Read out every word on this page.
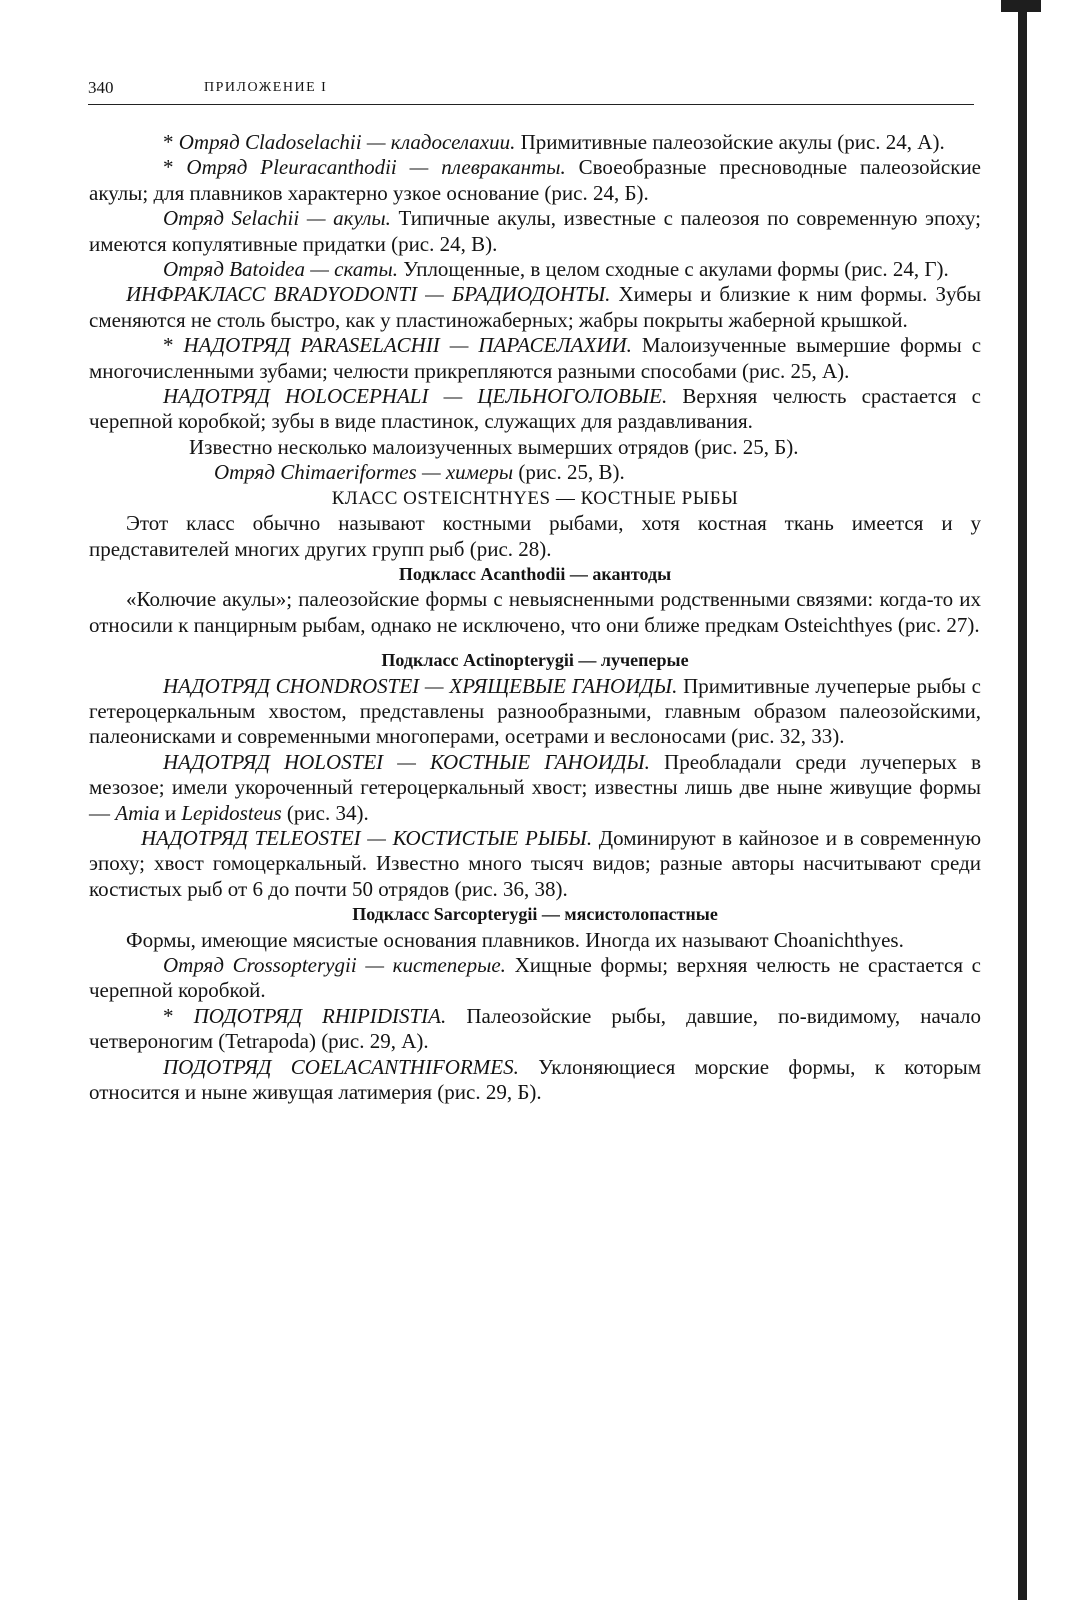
340	ПРИЛОЖЕНИЕ I

* Отряд Cladoselachii — кладоселахии. Примитивные палеозойские акулы (рис. 24, A).

* Отряд Pleuracanthodii — плевраканты. Своеобразные пресноводные палеозойские акулы; для плавников характерно узкое основание (рис. 24, Б).

Отряд Selachii — акулы. Типичные акулы, известные с палеозоя по современную эпоху; имеются копулятивные придатки (рис. 24, B).

Отряд Batoidea — скаты. Уплощенные, в целом сходные с акулами формы (рис. 24, Г).

ИНФРАКЛАСС BRADYODONTI — БРАДИОДОНТЫ. Химеры и близкие к ним формы. Зубы сменяются не столь быстро, как у пластиножаберных; жабры покрыты жаберной крышкой.

* НАДОТРЯД PARASELACHII — ПАРАСЕЛАХИИ. Малоизученные вымершие формы с многочисленными зубами; челюсти прикрепляются разными способами (рис. 25, A).

НАДОТРЯД HOLOCEPHALI — ЦЕЛЬНОГОЛОВЫЕ. Верхняя челюсть срастается с черепной коробкой; зубы в виде пластинок, служащих для раздавливания.

Известно несколько малоизученных вымерших отрядов (рис. 25, Б).

Отряд Chimaeriformes — химеры (рис. 25, В).

КЛАСС OSTEICHTHYES — КОСТНЫЕ РЫБЫ

Этот класс обычно называют костными рыбами, хотя костная ткань имеется и у представителей многих других групп рыб (рис. 28).

Подкласс Acanthodii — акантоды

«Колючие акулы»; палеозойские формы с невыясненными родственными связями: когда-то их относили к панцирным рыбам, однако не исключено, что они ближе предкам Osteichthyes (рис. 27).

Подкласс Actinopterygii — лучеперые

НАДОТРЯД CHONDROSTEI — ХРЯЩЕВЫЕ ГАНОИДЫ. Примитивные лучеперые рыбы с гетероцеркальным хвостом, представлены разнообразными, главным образом палеозойскими, палеонисками и современными многоперами, осетрами и веслоносами (рис. 32, 33).

НАДОТРЯД HOLOSTEI — КОСТНЫЕ ГАНОИДЫ. Преобладали среди лучеперых в мезозое; имели укороченный гетероцеркальный хвост; известны лишь две ныне живущие формы — Amia и Lepidosteus (рис. 34).

НАДОТРЯД TELEOSTEI — КОСТИСТЫЕ РЫБЫ. Доминируют в кайнозое и в современную эпоху; хвост гомоцеркальный. Известно много тысяч видов; разные авторы насчитывают среди костистых рыб от 6 до почти 50 отрядов (рис. 36, 38).

Подкласс Sarcopterygii — мясистолопастные

Формы, имеющие мясистые основания плавников. Иногда их называют Choanichthyes.

Отряд Crossopterygii — кистеперые. Хищные формы; верхняя челюсть не срастается с черепной коробкой.

* ПОДОТРЯД RHIPIDISTIA. Палеозойские рыбы, давшие, по-видимому, начало четвероногим (Tetrapoda) (рис. 29, A).

ПОДОТРЯД COELACANTHIFORMES. Уклоняющиеся морские формы, к которым относится и ныне живущая латимерия (рис. 29, Б).
